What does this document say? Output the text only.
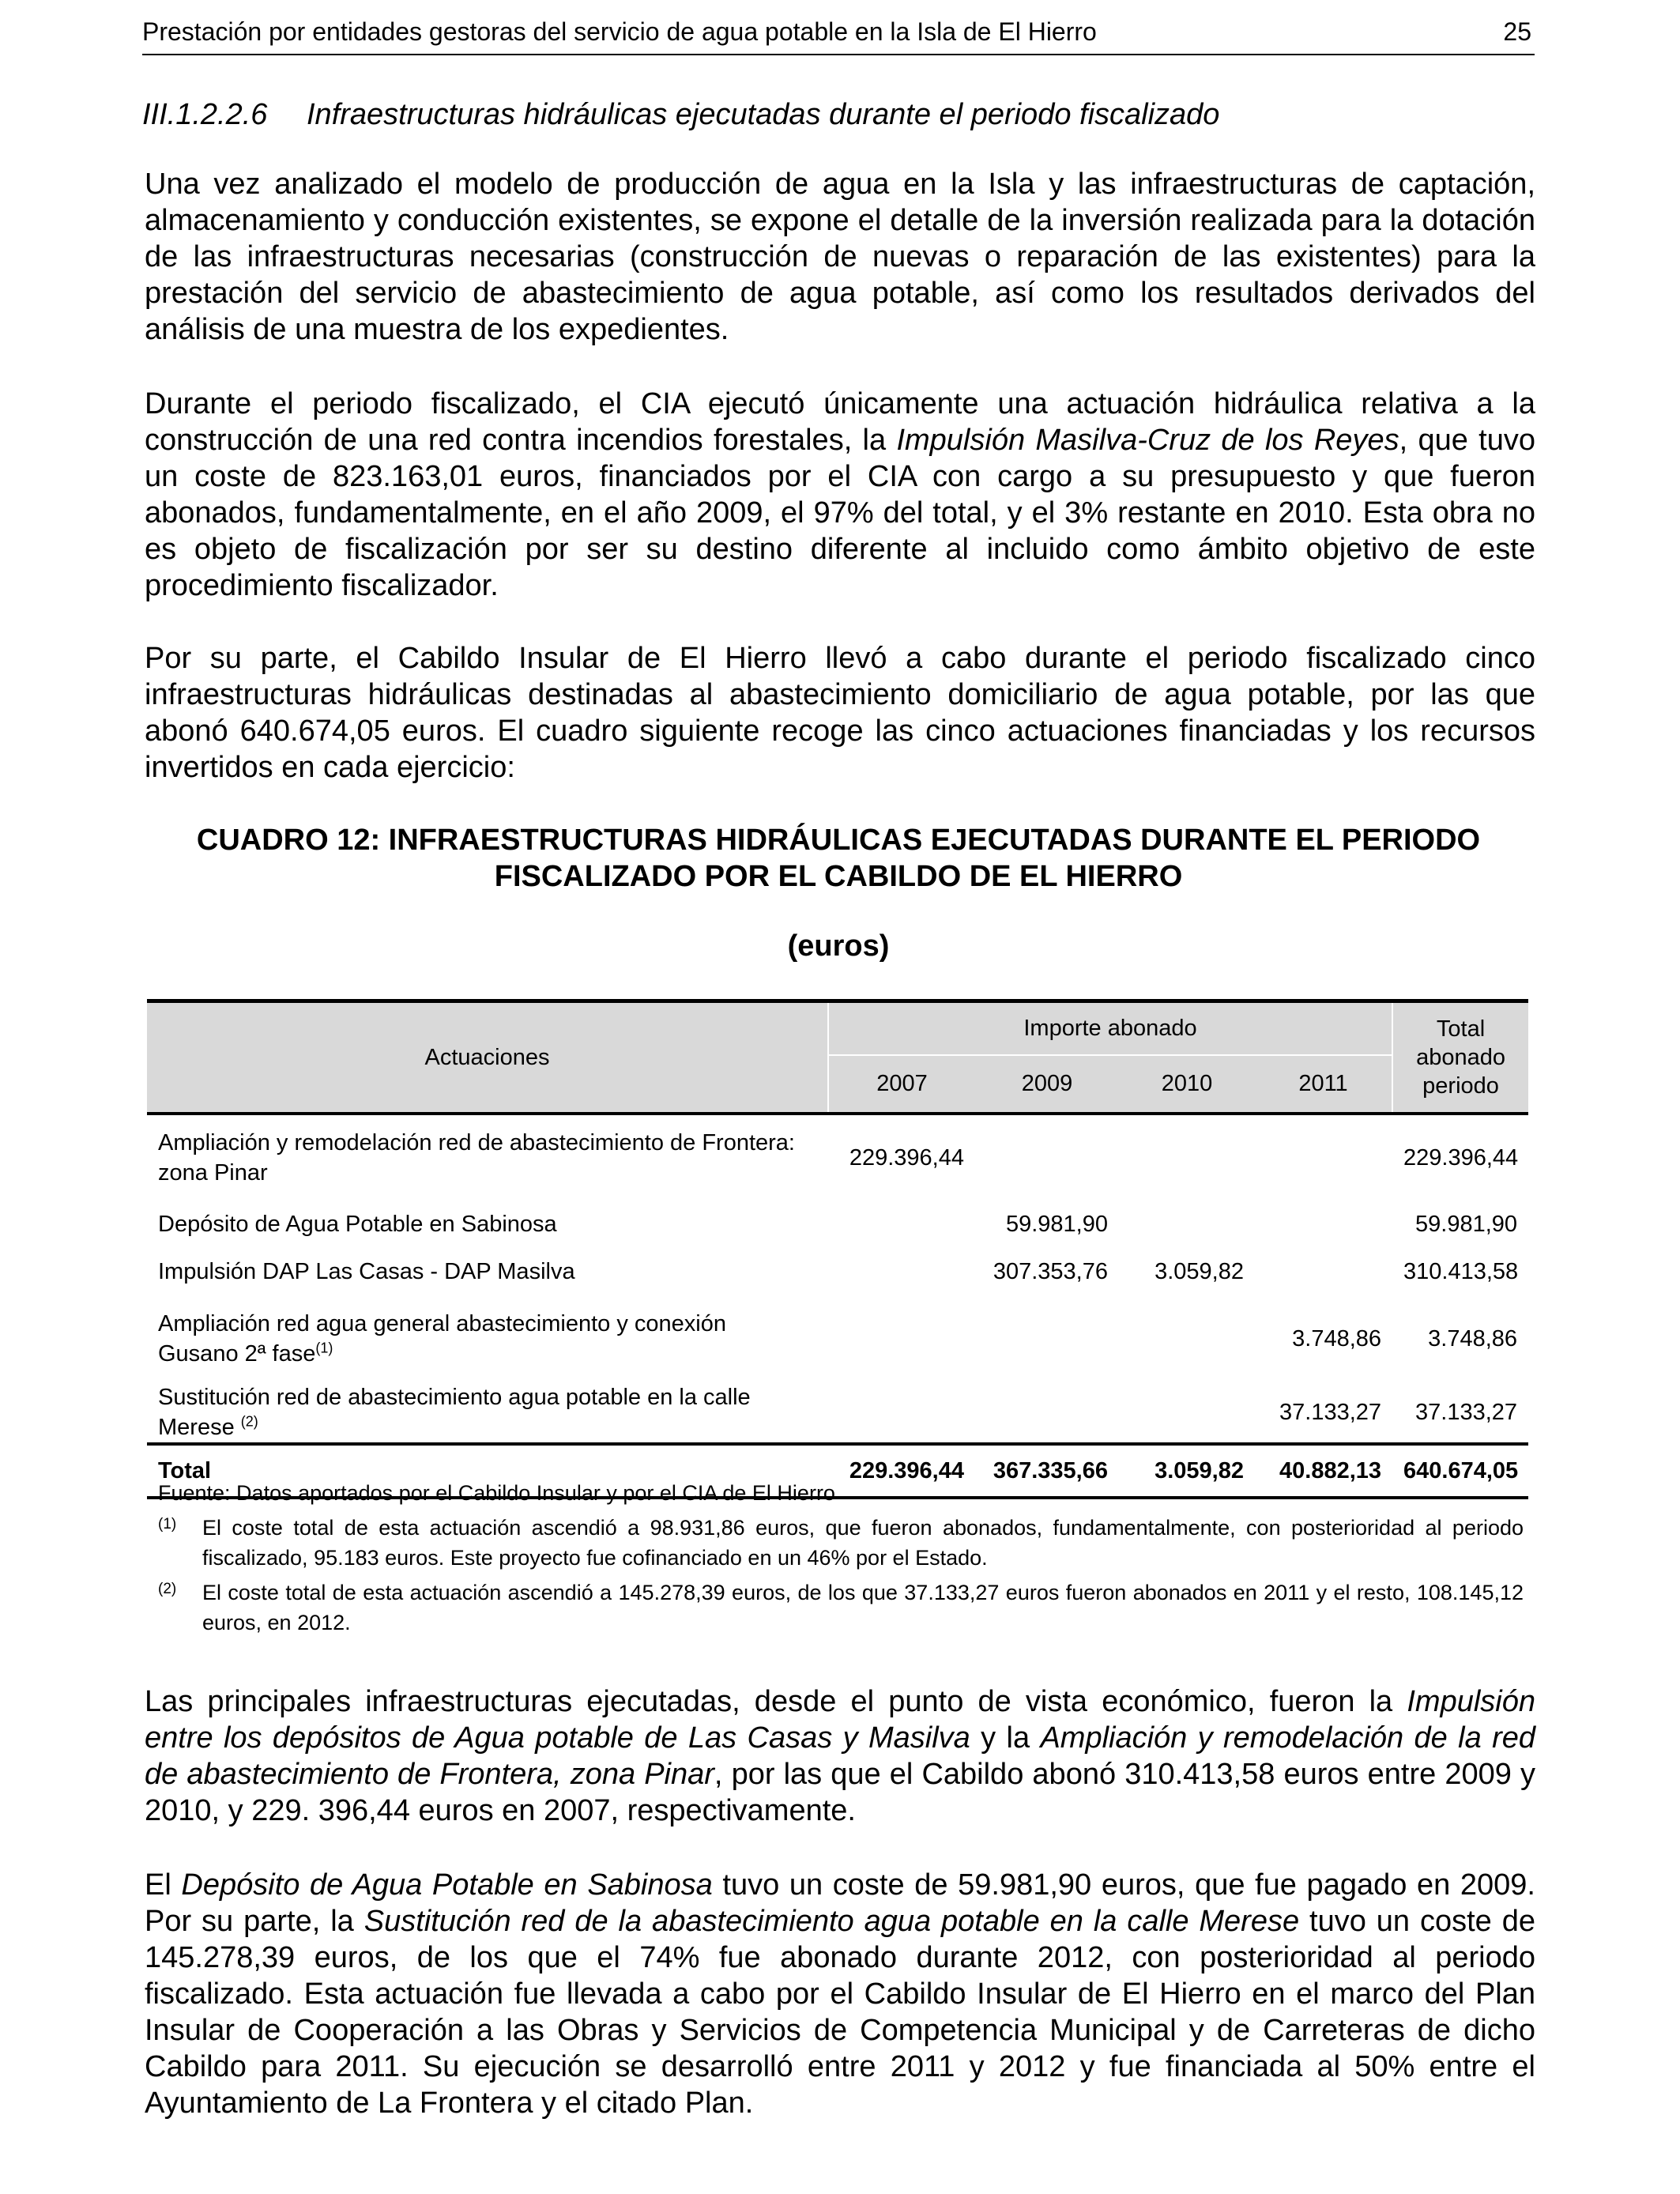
Prestación por entidades gestoras del servicio de agua potable en la Isla de El Hierro	25
III.1.2.2.6 Infraestructuras hidráulicas ejecutadas durante el periodo fiscalizado

Una vez analizado el modelo de producción de agua en la Isla y las infraestructuras de captación, almacenamiento y conducción existentes, se expone el detalle de la inversión realizada para la dotación de las infraestructuras necesarias (construcción de nuevas o reparación de las existentes) para la prestación del servicio de abastecimiento de agua potable, así como los resultados derivados del análisis de una muestra de los expedientes.

Durante el periodo fiscalizado, el CIA ejecutó únicamente una actuación hidráulica relativa a la construcción de una red contra incendios forestales, la Impulsión Masilva-Cruz de los Reyes, que tuvo un coste de 823.163,01 euros, financiados por el CIA con cargo a su presupuesto y que fueron abonados, fundamentalmente, en el año 2009, el 97% del total, y el 3% restante en 2010. Esta obra no es objeto de fiscalización por ser su destino diferente al incluido como ámbito objetivo de este procedimiento fiscalizador.

Por su parte, el Cabildo Insular de El Hierro llevó a cabo durante el periodo fiscalizado cinco infraestructuras hidráulicas destinadas al abastecimiento domiciliario de agua potable, por las que abonó 640.674,05 euros. El cuadro siguiente recoge las cinco actuaciones financiadas y los recursos invertidos en cada ejercicio:

CUADRO 12: INFRAESTRUCTURAS HIDRÁULICAS EJECUTADAS DURANTE EL PERIODO
FISCALIZADO POR EL CABILDO DE EL HIERRO
(euros)
Actuaciones	Importe abonado				Total abonado periodo
	2007	2009	2010	2011	
Ampliación y remodelación red de abastecimiento de Frontera: zona Pinar	229.396,44				229.396,44
Depósito de Agua Potable en Sabinosa		59.981,90			59.981,90
Impulsión DAP Las Casas - DAP Masilva		307.353,76	3.059,82		310.413,58
Ampliación red agua general abastecimiento y conexión Gusano 2ª fase$^{(1)}$				3.748,86	3.748,86
Sustitución red de abastecimiento agua potable en la calle Merese $^{(2)}$				37.133,27	37.133,27
Total	229.396,44	367.335,66	3.059,82	40.882,13	640.674,05
Fuente: Datos aportados por el Cabildo Insular y por el CIA de El Hierro
(1)	El coste total de esta actuación ascendió a 98.931,86 euros, que fueron abonados, fundamentalmente, con posterioridad al periodo fiscalizado, 95.183 euros. Este proyecto fue cofinanciado en un 46% por el Estado.
(2)	El coste total de esta actuación ascendió a 145.278,39 euros, de los que 37.133,27 euros fueron abonados en 2011 y el resto, 108.145,12 euros, en 2012.

Las principales infraestructuras ejecutadas, desde el punto de vista económico, fueron la Impulsión entre los depósitos de Agua potable de Las Casas y Masilva y la Ampliación y remodelación de la red de abastecimiento de Frontera, zona Pinar, por las que el Cabildo abonó 310.413,58 euros entre 2009 y 2010, y 229. 396,44 euros en 2007, respectivamente.

El Depósito de Agua Potable en Sabinosa tuvo un coste de 59.981,90 euros, que fue pagado en 2009. Por su parte, la Sustitución red de la abastecimiento agua potable en la calle Merese tuvo un coste de 145.278,39 euros, de los que el 74% fue abonado durante 2012, con posterioridad al periodo fiscalizado. Esta actuación fue llevada a cabo por el Cabildo Insular de El Hierro en el marco del Plan Insular de Cooperación a las Obras y Servicios de Competencia Municipal y de Carreteras de dicho Cabildo para 2011. Su ejecución se desarrolló entre 2011 y 2012 y fue financiada al 50% entre el Ayuntamiento de La Frontera y el citado Plan.
